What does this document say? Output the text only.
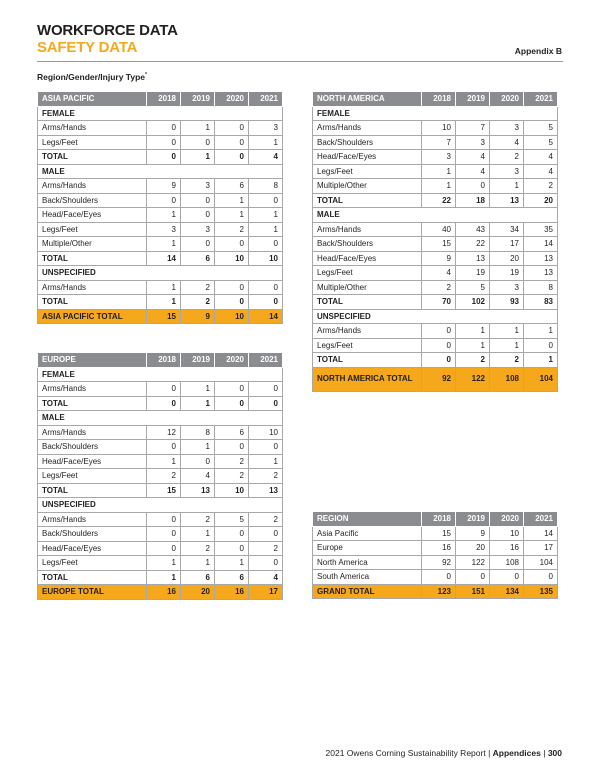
WORKFORCE DATA
SAFETY DATA	Appendix B
Region/Gender/Injury Type*
ASIA PACIFIC	2018	2019	2020	2021
FEMALE				
Arms/Hands	0	1	0	3
Legs/Feet	0	0	0	1
TOTAL	0	1	0	4
MALE				
Arms/Hands	9	3	6	8
Back/Shoulders	0	0	1	0
Head/Face/Eyes	1	0	1	1
Legs/Feet	3	3	2	1
Multiple/Other	1	0	0	0
TOTAL	14	6	10	10
UNSPECIFIED				
Arms/Hands	1	2	0	0
TOTAL	1	2	0	0
ASIA PACIFIC TOTAL	15	9	10	14
NORTH AMERICA	2018	2019	2020	2021
FEMALE				
Arms/Hands	10	7	3	5
Back/Shoulders	7	3	4	5
Head/Face/Eyes	3	4	2	4
Legs/Feet	1	4	3	4
Multiple/Other	1	0	1	2
TOTAL	22	18	13	20
MALE				
Arms/Hands	40	43	34	35
Back/Shoulders	15	22	17	14
Head/Face/Eyes	9	13	20	13
Legs/Feet	4	19	19	13
Multiple/Other	2	5	3	8
TOTAL	70	102	93	83
UNSPECIFIED				
Arms/Hands	0	1	1	1
Legs/Feet	0	1	1	0
TOTAL	0	2	2	1
NORTH AMERICA TOTAL	92	122	108	104
EUROPE	2018	2019	2020	2021
FEMALE				
Arms/Hands	0	1	0	0
TOTAL	0	1	0	0
MALE				
Arms/Hands	12	8	6	10
Back/Shoulders	0	1	0	0
Head/Face/Eyes	1	0	2	1
Legs/Feet	2	4	2	2
TOTAL	15	13	10	13
UNSPECIFIED				
Arms/Hands	0	2	5	2
Back/Shoulders	0	1	0	0
Head/Face/Eyes	0	2	0	2
Legs/Feet	1	1	1	0
TOTAL	1	6	6	4
EUROPE TOTAL	16	20	16	17
REGION	2018	2019	2020	2021
Asia Pacific	15	9	10	14
Europe	16	20	16	17
North America	92	122	108	104
South America	0	0	0	0
GRAND TOTAL	123	151	134	135
2021 Owens Corning Sustainability Report | Appendices | 300
